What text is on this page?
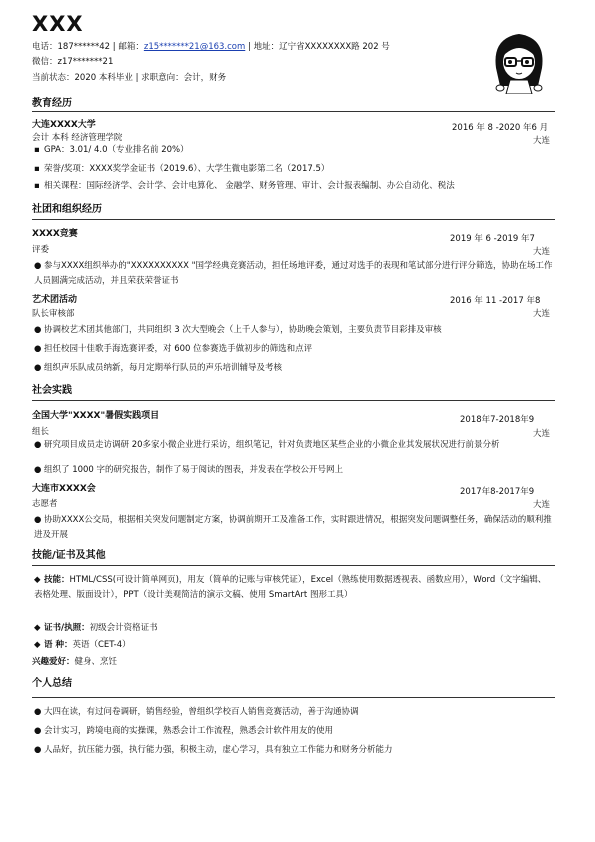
XXX
电话：187******42 | 邮箱：z15*******21@163.com | 地址：辽宁省XXXXXXXX路 202 号
微信：z17*******21
当前状态：2020 本科毕业 | 求职意向：会计，财务
教育经历
大连XXXX大学	2016 年 8 -2020 年6 月
会计 本科 经济管理学院	大连
▪ GPA：3.01/ 4.0（专业排名前 20%）
▪ 荣誉/奖项：XXXX奖学金证书（2019.6）、大学生微电影第二名（2017.5）
▪ 相关课程：国际经济学、会计学、会计电算化、 金融学、财务管理、审计、会计报表编制、办公自动化、税法
社团和组织经历
XXXX竞赛	2019 年 6 -2019 年7
评委	大连
● 参与XXXX组织举办的"XXXXXXXXXX "国学经典竞赛活动，担任场地评委，通过对选手的表现和笔试部分进行评分筛选，协助在场工作人员圆满完成活动，并且荣获荣誉证书
艺术团活动	2016 年 11 -2017 年8
队长审核部	大连
● 协调校艺术团其他部门，共同组织 3 次大型晚会（上千人参与），协助晚会策划，主要负责节目彩排及审核
● 担任校园十佳歌手海选赛评委，对 600 位参赛选手做初步的筛选和点评
● 组织声乐队成员纳新，每月定期举行队员的声乐培训辅导及考核
社会实践
全国大学"XXXX"暑假实践项目	2018年7-2018年9
组长	大连
● 研究项目成员走访调研 20多家小微企业进行采访，组织笔记，针对负责地区某些企业的小微企业其发展状况进行前景分析
● 组织了 1000 字的研究报告，制作了易于阅读的图表，并发表在学校公开号网上
大连市XXXX会	2017年8-2017年9
志愿者	大连
● 协助XXXX公交局，根据相关突发问题制定方案，协调前期开工及准备工作，实时跟进情况，根据突发问题调整任务，确保活动的顺利推进及开展
技能/证书及其他
◆ 技能：HTML/CSS(可设计简单网页)，用友（简单的记账与审核凭证），Excel（熟练使用数据透视表、函数应用），Word（文字编辑、表格处理、版面设计），PPT（设计美观简洁的演示文稿、使用 SmartArt 图形工具）
◆ 证书/执照：初级会计资格证书
◆ 语 种：英语（CET-4）
兴趣爱好：健身、烹饪
个人总结
● 大四在读，有过问卷调研，销售经验，曾组织学校百人销售竞赛活动，善于沟通协调
● 会计实习，跨境电商的实操课，熟悉会计工作流程，熟悉会计软件用友的使用
● 人品好，抗压能力强，执行能力强，积极主动，虚心学习，具有独立工作能力和财务分析能力
